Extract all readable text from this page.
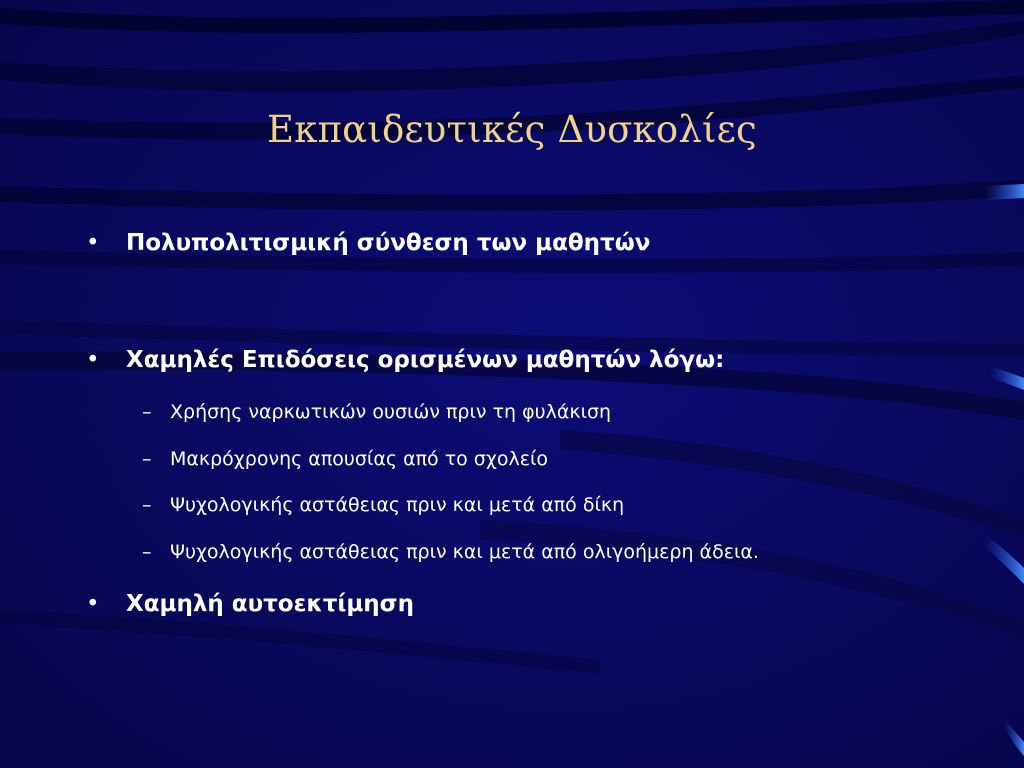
Εκπαιδευτικές Δυσκολίες
• Πολυπολιτισμική σύνθεση των μαθητών
• Χαμηλές Επιδόσεις ορισμένων μαθητών λόγω:
– Χρήσης ναρκωτικών ουσιών πριν τη φυλάκιση
– Μακρόχρονης απουσίας από το σχολείο
– Ψυχολογικής αστάθειας πριν και μετά από δίκη
– Ψυχολογικής αστάθειας πριν και μετά από ολιγοήμερη άδεια.
• Χαμηλή αυτοεκτίμηση
